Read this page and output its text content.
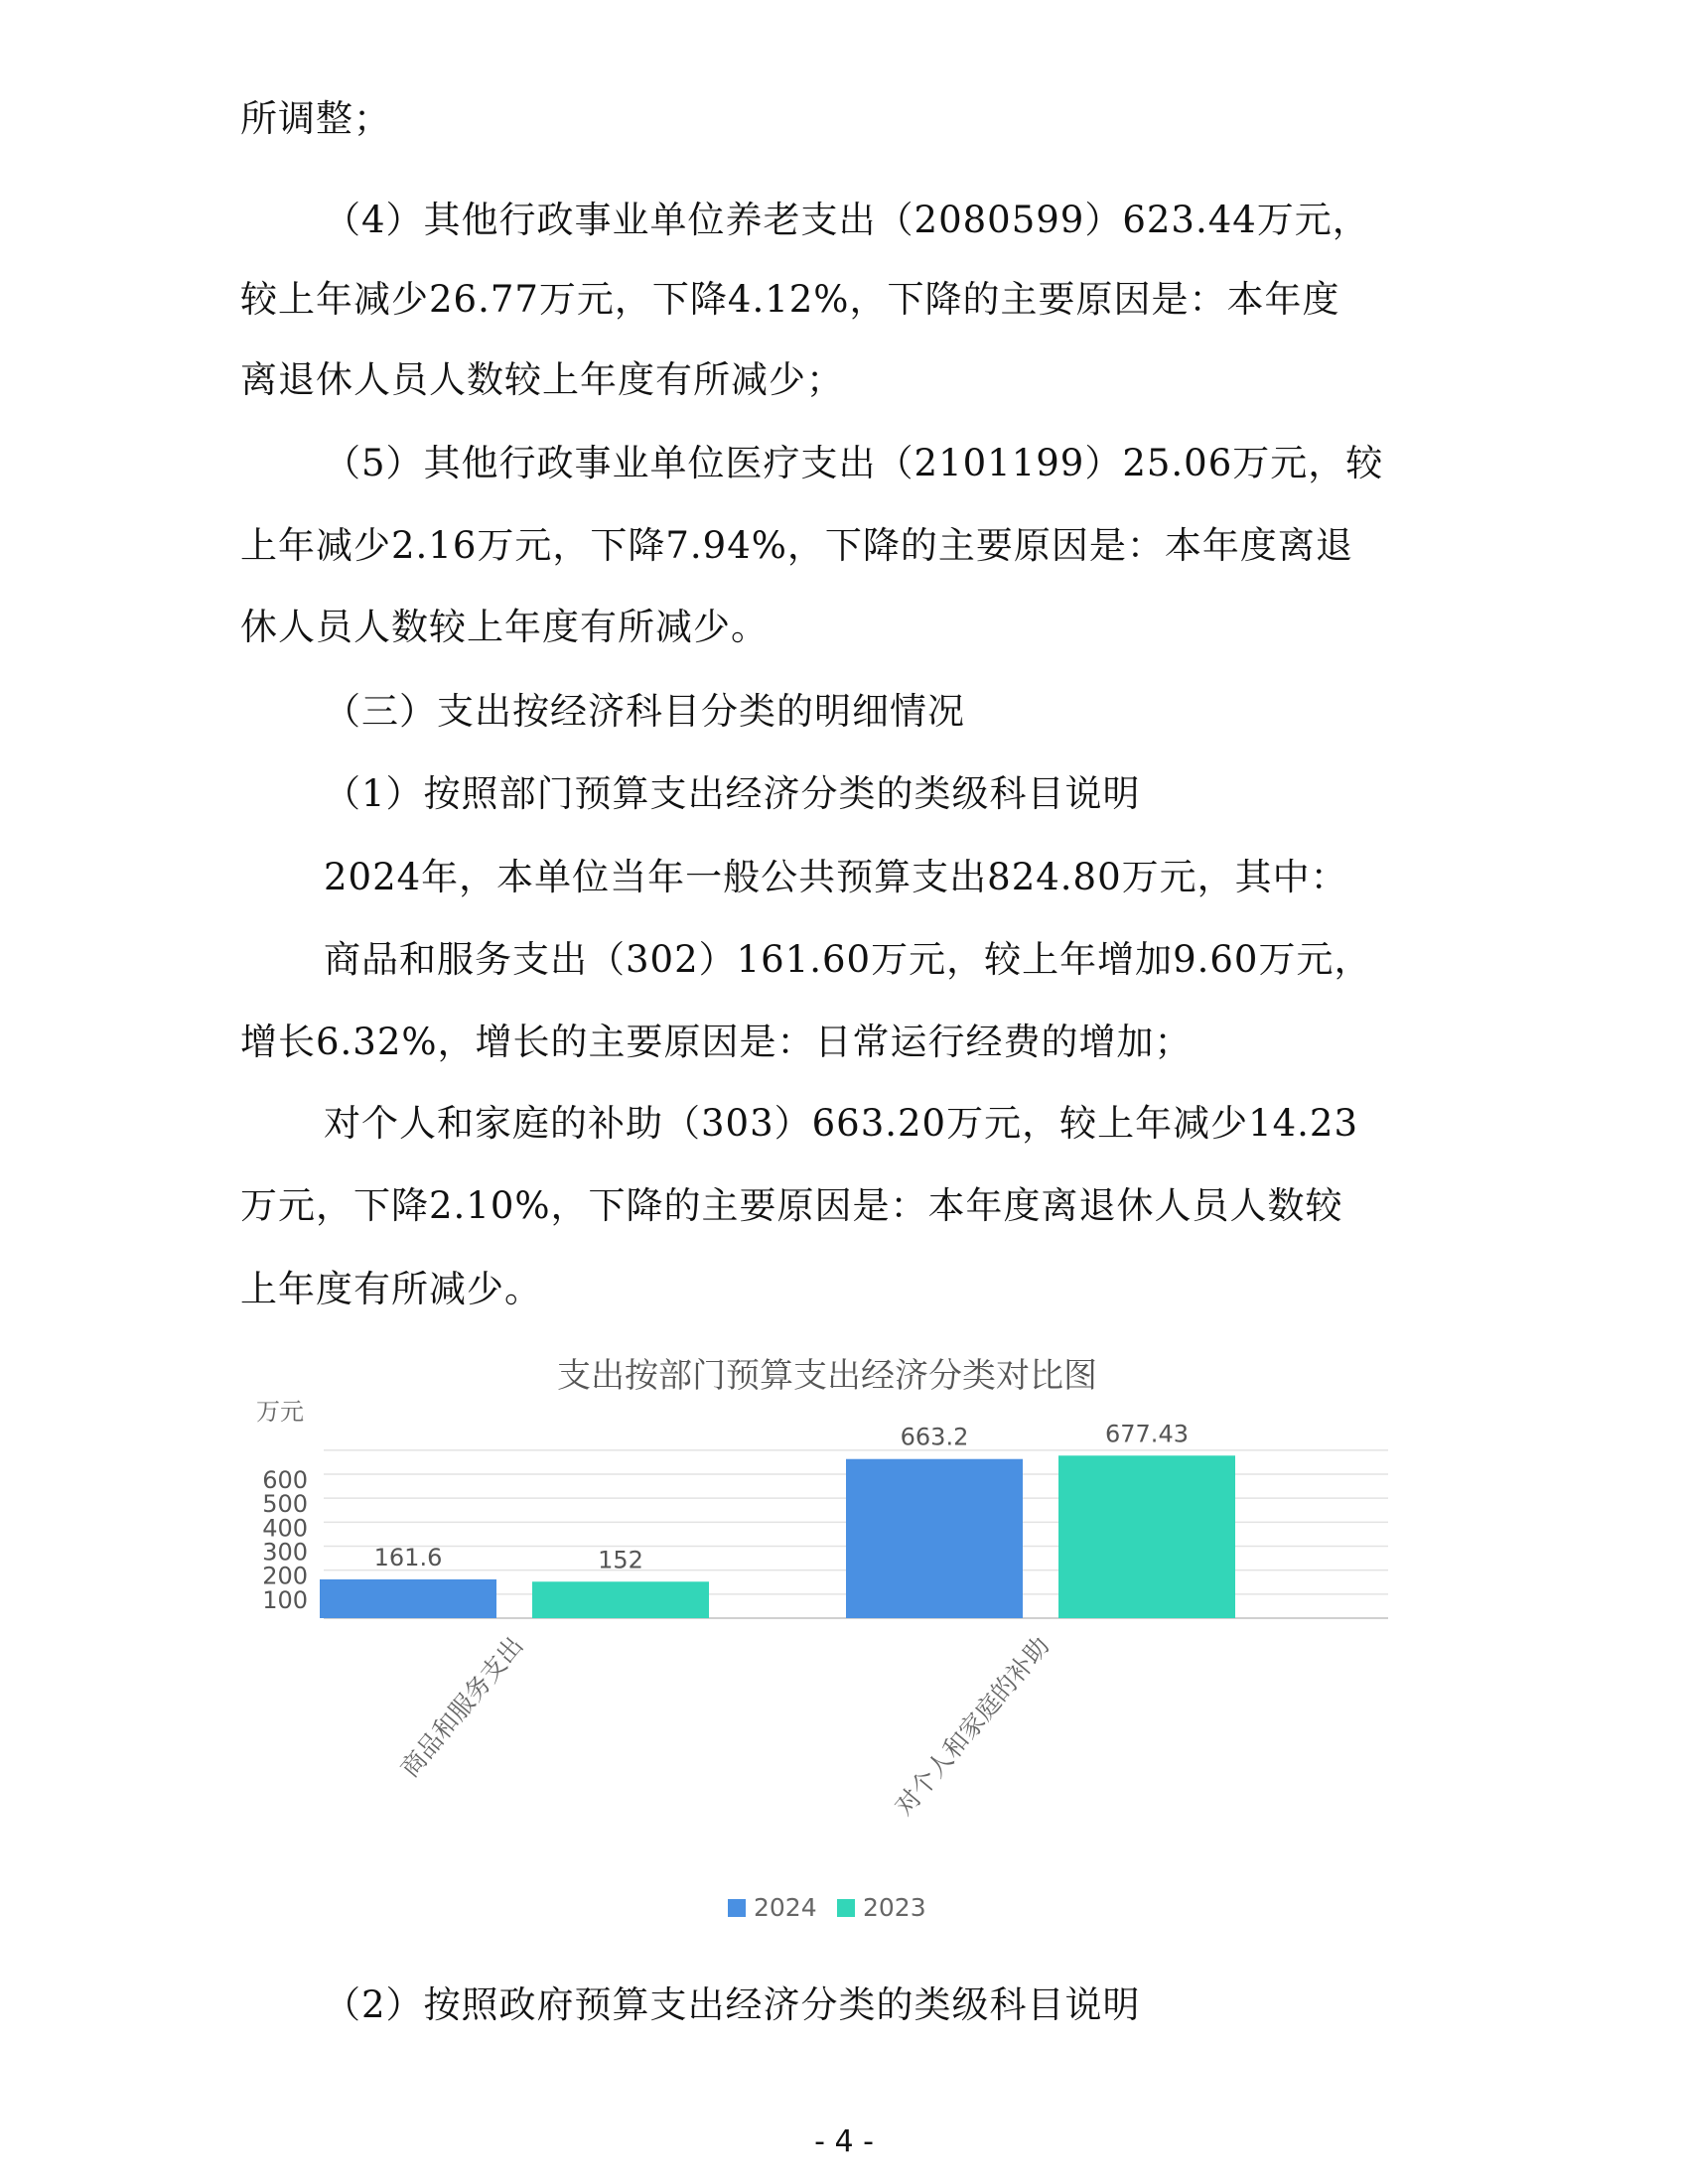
所调整；
（4）其他行政事业单位养老支出（2080599）623.44万元，
较上年减少26.77万元，下降4.12%，下降的主要原因是：本年度
离退休人员人数较上年度有所减少；
（5）其他行政事业单位医疗支出（2101199）25.06万元，较
上年减少2.16万元，下降7.94%，下降的主要原因是：本年度离退
休人员人数较上年度有所减少。
（三）支出按经济科目分类的明细情况
（1）按照部门预算支出经济分类的类级科目说明
2024年，本单位当年一般公共预算支出824.80万元，其中：
商品和服务支出（302）161.60万元，较上年增加9.60万元，
增长6.32%，增长的主要原因是：日常运行经费的增加；
对个人和家庭的补助（303）663.20万元，较上年减少14.23
万元，下降2.10%，下降的主要原因是：本年度离退休人员人数较
上年度有所减少。
（2）按照政府预算支出经济分类的类级科目说明
支出按部门预算支出经济分类对比图
万元
100
200
300
400
500
600
161.6	152
商品和服务支出
663.2	677.43
对个人和家庭的补助
2024 2023
- 4 -
